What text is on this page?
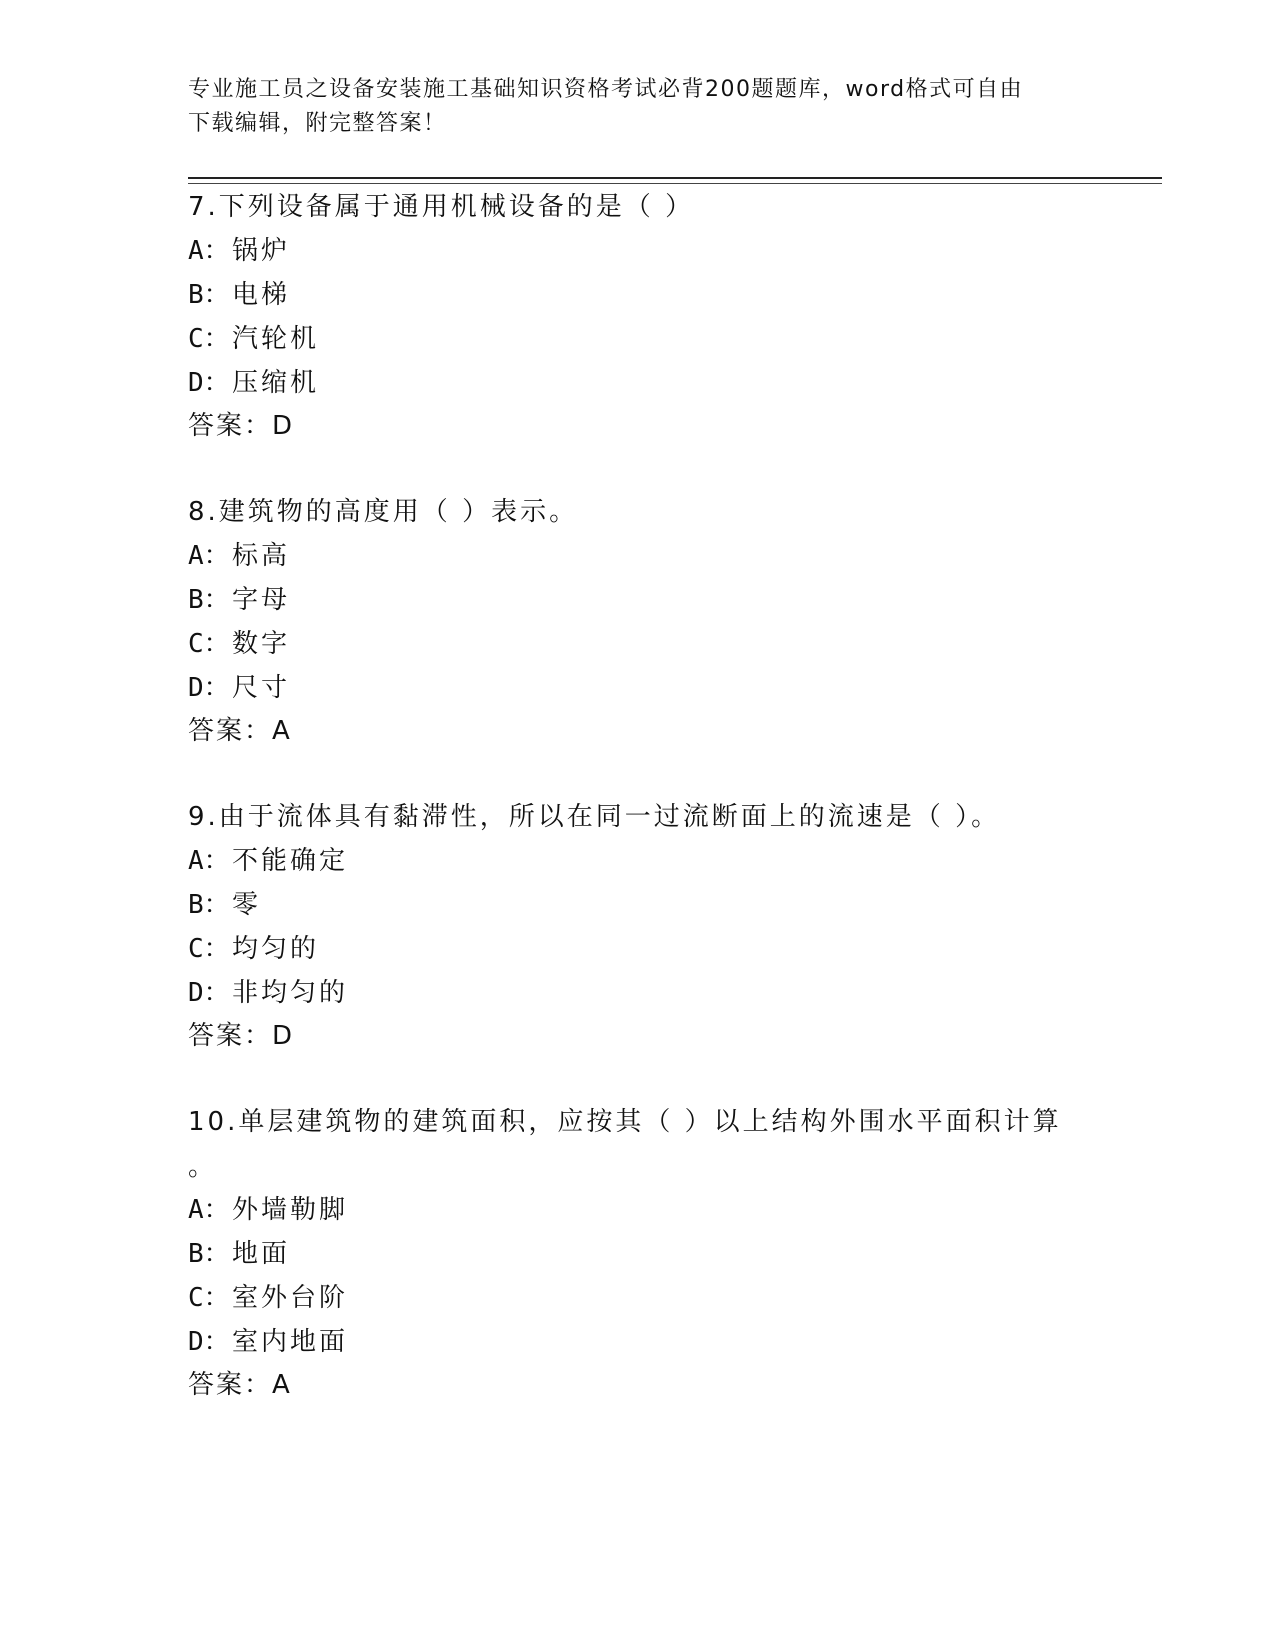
专业施工员之设备安装施工基础知识资格考试必背200题题库，word格式可自由
下载编辑，附完整答案！
7.下列设备属于通用机械设备的是（ ）
A：锅炉
B：电梯
C：汽轮机
D：压缩机
答案：D
8.建筑物的高度用（ ）表示。
A：标高
B：字母
C：数字
D：尺寸
答案：A
9.由于流体具有黏滞性，所以在同一过流断面上的流速是（ ）。
A：不能确定
B：零
C：均匀的
D：非均匀的
答案：D
10.单层建筑物的建筑面积，应按其（ ）以上结构外围水平面积计算
。
A：外墙勒脚
B：地面
C：室外台阶
D：室内地面
答案：A
